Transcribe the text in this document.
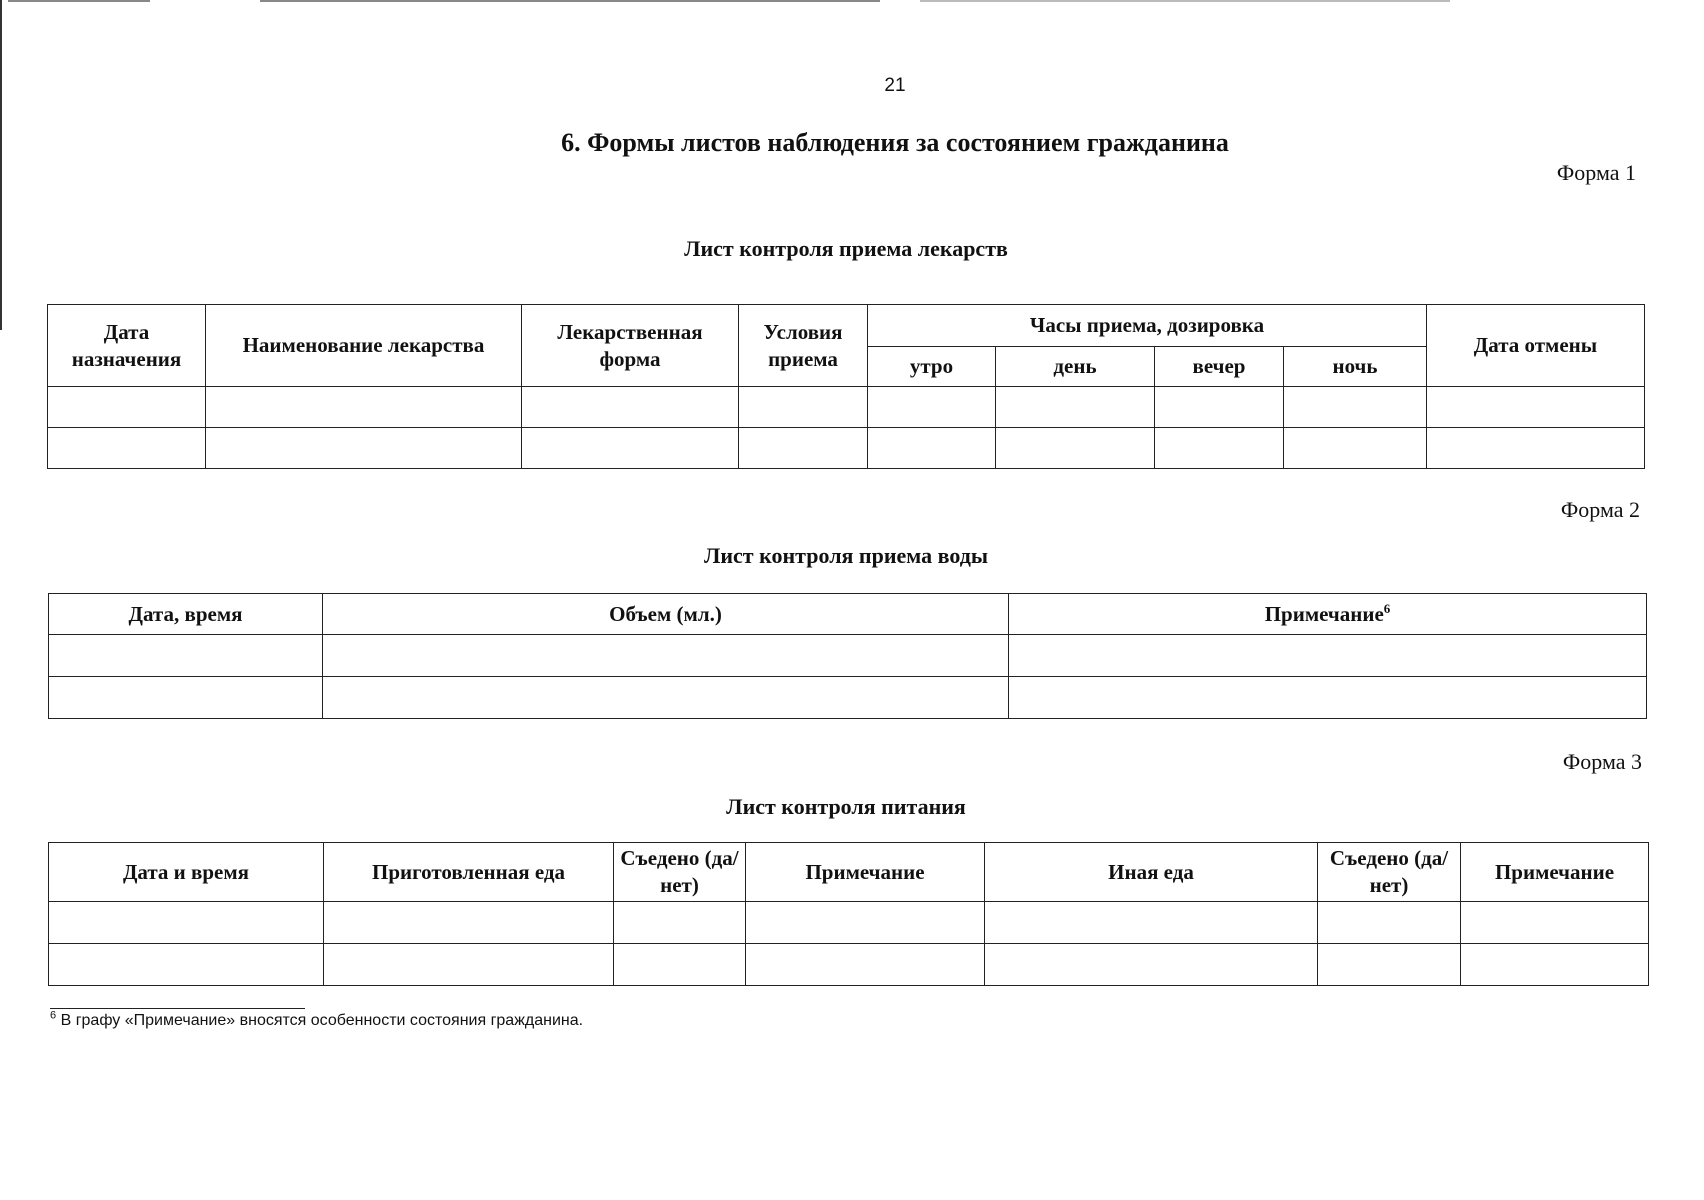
21
6. Формы листов наблюдения за состоянием гражданина
Форма 1
Лист контроля приема лекарств
Дата назначения	Наименование лекарства	Лекарственная форма	Условия приема	Часы приема, дозировка				Дата отмены
				утро	день	вечер	ночь	

Форма 2
Лист контроля приема воды
Дата, время	Объем (мл.)	Примечание$^6$

Форма 3
Лист контроля питания
Дата и время	Приготовленная еда	Съедено (да/нет)	Примечание	Иная еда	Съедено (да/нет)	Примечание

$^6$ В графу «Примечание» вносятся особенности состояния гражданина.
